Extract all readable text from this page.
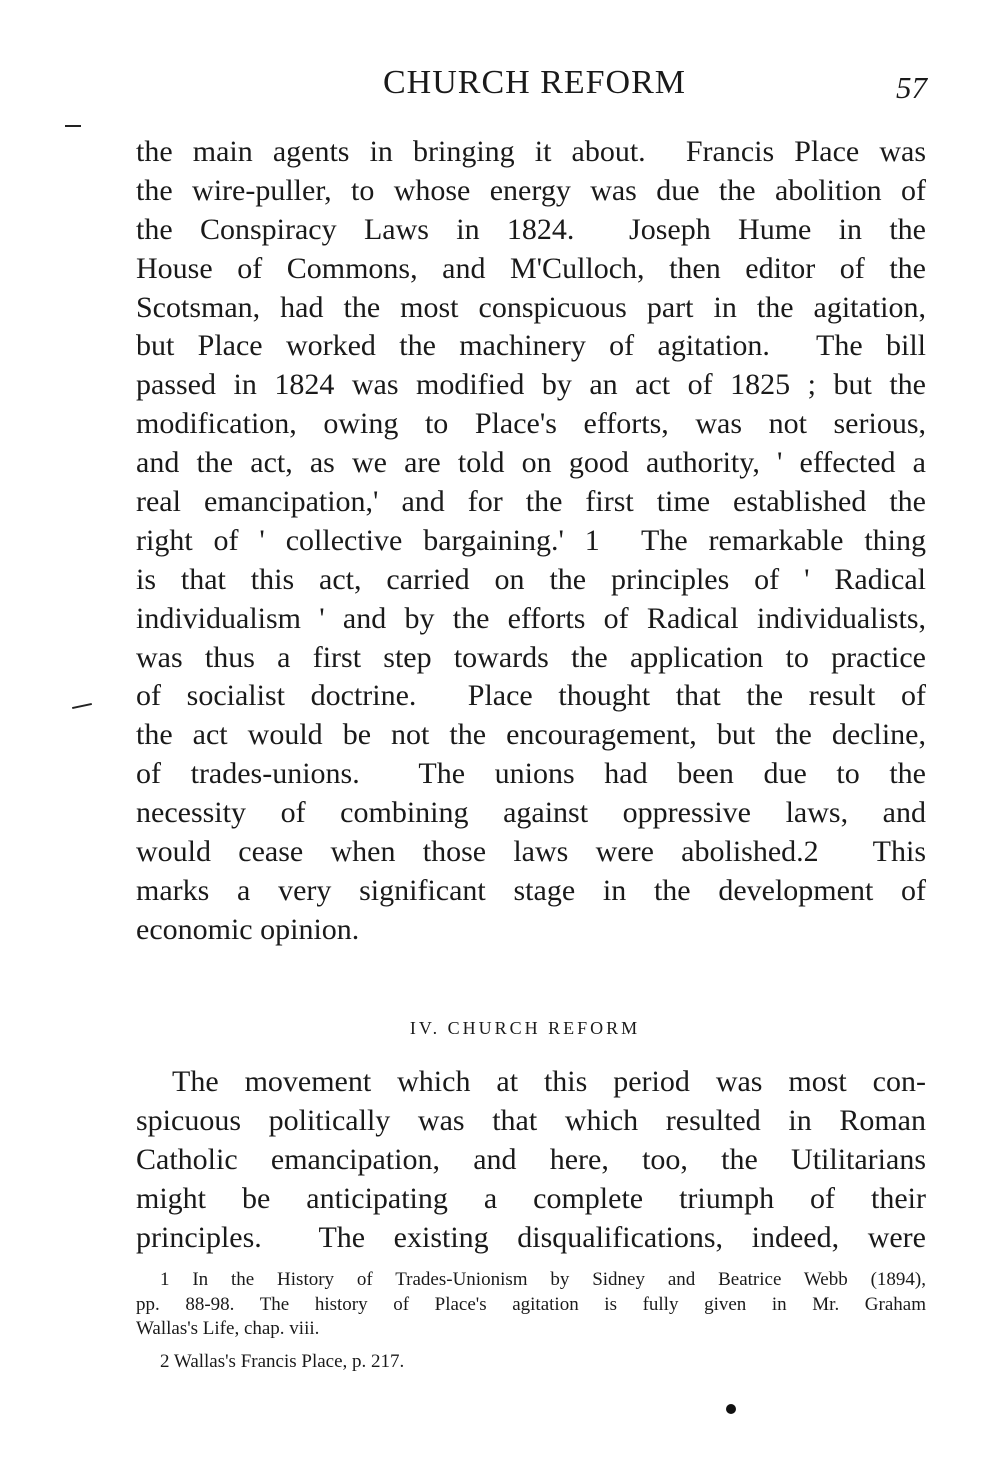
CHURCH REFORM	57
the main agents in bringing it about.  Francis Place was
the wire-puller, to whose energy was due the abolition of
the Conspiracy Laws in 1824.  Joseph Hume in the
House of Commons, and M'Culloch, then editor of the
Scotsman, had the most conspicuous part in the agitation,
but Place worked the machinery of agitation.  The bill
passed in 1824 was modified by an act of 1825 ; but the
modification, owing to Place's efforts, was not serious,
and the act, as we are told on good authority, ' effected a
real emancipation,' and for the first time established the
right of ' collective bargaining.' 1  The remarkable thing
is that this act, carried on the principles of ' Radical
individualism ' and by the efforts of Radical individualists,
was thus a first step towards the application to practice
of socialist doctrine.  Place thought that the result of
the act would be not the encouragement, but the decline,
of trades-unions.  The unions had been due to the
necessity of combining against oppressive laws, and
would cease when those laws were abolished.2  This
marks a very significant stage in the development of
economic opinion.
IV. CHURCH REFORM
The movement which at this period was most con-
spicuous politically was that which resulted in Roman
Catholic emancipation, and here, too, the Utilitarians
might be anticipating a complete triumph of their
principles.  The existing disqualifications, indeed, were
1 In the History of Trades-Unionism by Sidney and Beatrice Webb (1894),
pp. 88-98. The history of Place's agitation is fully given in Mr. Graham
Wallas's Life, chap. viii.
2 Wallas's Francis Place, p. 217.
